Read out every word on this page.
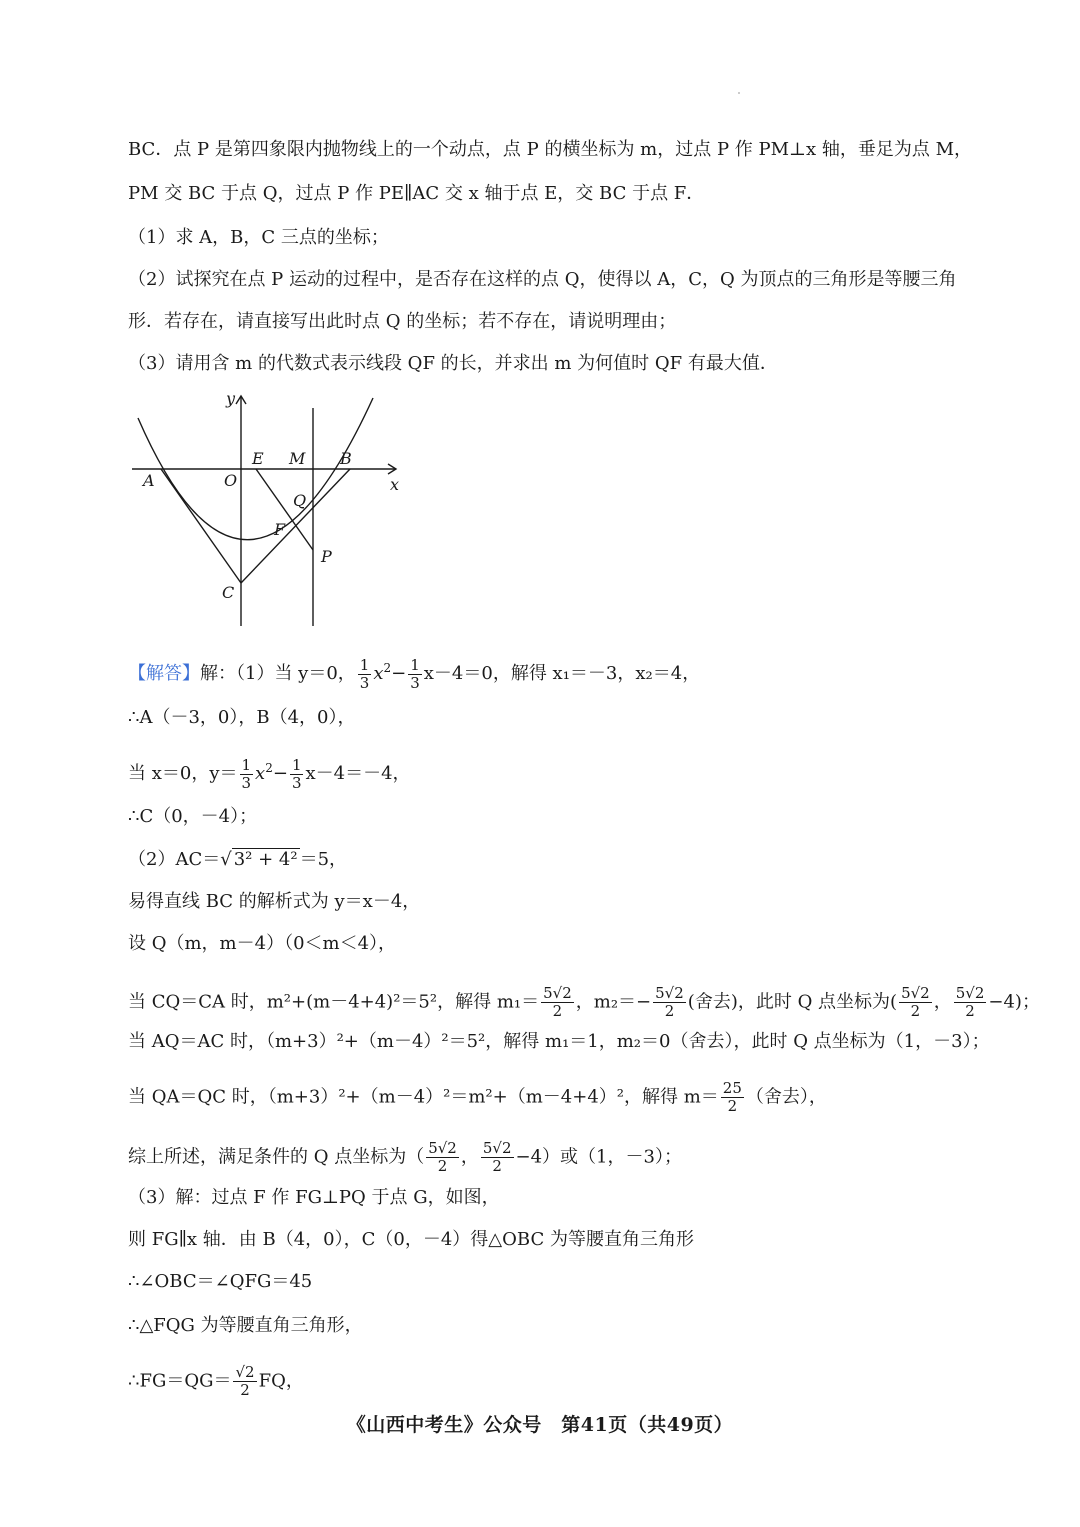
BC．点 P 是第四象限内抛物线上的一个动点，点 P 的横坐标为 m，过点 P 作 PM⊥x 轴，垂足为点 M，
PM 交 BC 于点 Q，过点 P 作 PE∥AC 交 x 轴于点 E，交 BC 于点 F．
（1）求 A，B，C 三点的坐标；
（2）试探究在点 P 运动的过程中，是否存在这样的点 Q，使得以 A，C，Q 为顶点的三角形是等腰三角
形．若存在，请直接写出此时点 Q 的坐标；若不存在，请说明理由；
（3）请用含 m 的代数式表示线段 QF 的长，并求出 m 为何值时 QF 有最大值．
y
x
O
A
B
C
E M
Q
F
P
【解答】解：（1）当 y＝0， $\frac{1}{3} x^2- \frac{1}{3} x-4=0$，解得 x₁＝－3，x₂＝4，
∴A（－3，0），B（4，0），
当 x＝0，$y= \frac{1}{3} x^2- \frac{1}{3} x-4=-4$，
∴C（0，－4）；
（2）AC＝√ 3² + 4² ＝5，
易得直线 BC 的解析式为 y＝x－4，
设 Q（m，m－4）（0＜m＜4），
当 CQ＝CA 时，m²+(m－4+4)²＝5²，解得 $m_1= \frac{5√2}{2}$ ，$m_2=- \frac{5√2}{2}$ (舍去)，此时 Q 点坐标为( $\frac{5√2}{2}$ ， $\frac{5√2}{2} -4$)；
当 AQ＝AC 时，（m+3）²+（m－4）²＝5²，解得 m₁＝1，m₂＝0（舍去），此时 Q 点坐标为（1，－3）；
当 QA＝QC 时，（m+3）²+（m－4）²＝m²+（m－4+4）²，解得 $m= \frac{25}{2}$ （舍去），
综上所述，满足条件的 Q 点坐标为（ $\frac{5√2}{2}$ ， $\frac{5√2}{2} -4$）或（1，－3）；
（3）解：过点 F 作 FG⊥PQ 于点 G，如图，
则 FG∥x 轴．由 B（4，0），C（0，－4）得△OBC 为等腰直角三角形
∴∠OBC＝∠QFG＝45
∴△FQG 为等腰直角三角形，
∴FG＝QG＝ $\frac{√2}{2}$ FQ，
《山西中考生》公众号　第41页（共49页）
